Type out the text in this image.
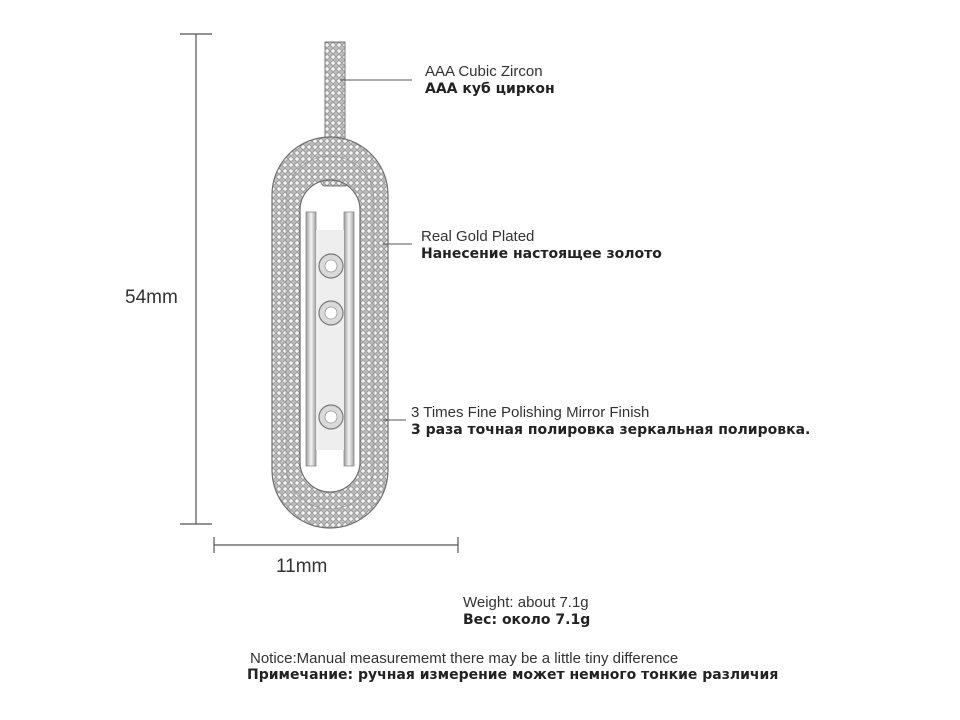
54mm
11mm
AAA Cubic Zircon
AAA куб циркон
Real Gold Plated
Нанесение настоящее золото
3 Times Fine Polishing Mirror Finish
3 раза точная полировка зеркальная полировка.
Weight: about 7.1g
Вес: около 7.1g
Notice:Manual measurememt there may be a little tiny difference
Примечание: ручная измерение может немного тонкие различия
